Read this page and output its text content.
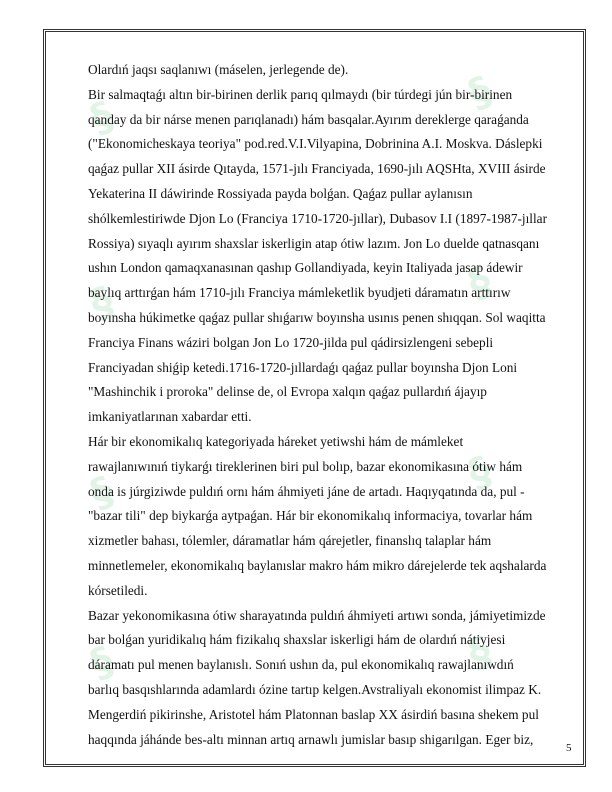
§
§
§
§
§
§
§
§
Olardıń jaqsı saqlanıwı (máselen, jerlegende de).
Bir salmaqtaǵı altın bir-birinen derlik parıq qılmaydı (bir túrdegi jún bir-birinen
qanday da bir nárse menen parıqlanadı) hám basqalar.Ayırım dereklerge qaraǵanda
("Ekonomicheskaya teoriya" pod.red.V.I.Vilyapina, Dobrinina A.I. Moskva. Dáslepki
qaǵaz pullar XII ásirde Qıtayda, 1571-jılı Franciyada, 1690-jılı AQSHta, XVIII ásirde
Yekaterina II dáwirinde Rossiyada payda bolǵan. Qaǵaz pullar aylanısın
shólkemlestiriwde Djon Lo (Franciya 1710-1720-jıllar), Dubasov I.I (1897-1987-jıllar
Rossiya) sıyaqlı ayırım shaxslar iskerligin atap ótiw lazım. Jon Lo duelde qatnasqanı
ushın London qamaqxanasınan qashıp Gollandiyada, keyin Italiyada jasap ádewir
baylıq arttırǵan hám 1710-jılı Franciya mámleketlik byudjeti dáramatın arttırıw
boyınsha húkimetke qaǵaz pullar shıǵarıw boyınsha usınıs penen shıqqan. Sol waqitta
Franciya Finans wáziri bolgan Jon Lo 1720-jilda pul qádirsizlengeni sebepli
Franciyadan shiǵip ketedi.1716-1720-jıllardaǵı qaǵaz pullar boyınsha Djon Loni
"Mashinchik i proroka" delinse de, ol Evropa xalqın qaǵaz pullardıń ájayıp
imkaniyatlarınan xabardar etti.
Hár bir ekonomikalıq kategoriyada háreket yetiwshi hám de mámleket
rawajlanıwınıń tiykarǵı tireklerinen biri pul bolıp, bazar ekonomikasına ótiw hám
onda is júrgiziwde puldıń ornı hám áhmiyeti jáne de artadı. Haqıyqatında da, pul -
"bazar tili" dep biykarǵa aytpaǵan. Hár bir ekonomikalıq informaciya, tovarlar hám
xizmetler bahası, tólemler, dáramatlar hám qárejetler, finanslıq talaplar hám
minnetlemeler, ekonomikalıq baylanıslar makro hám mikro dárejelerde tek aqshalarda
kórsetiledi.
Bazar yekonomikasına ótiw sharayatında puldıń áhmiyeti artıwı sonda, jámiyetimizde
bar bolǵan yuridikalıq hám fizikalıq shaxslar iskerligi hám de olardıń nátiyjesi
dáramatı pul menen baylanıslı. Sonıń ushın da, pul ekonomikalıq rawajlanıwdıń
barlıq basqıshlarında adamlardı ózine tartıp kelgen.Avstraliyalı ekonomist ilimpaz K.
Mengerdiń pikirinshe, Aristotel hám Platonnan baslap XX ásirdiń basına shekem pul
haqqında jáhánde bes-altı minnan artıq arnawlı jumislar basıp shigarılgan. Eger biz,
5
